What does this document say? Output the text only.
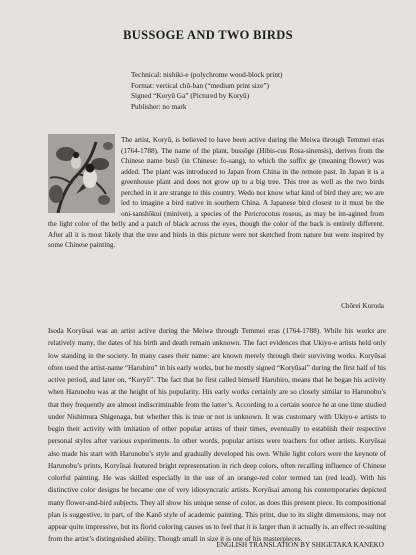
BUSSOGE AND TWO BIRDS
Technical: nishiki-e (polychrome wood-block print)
Format: vertical chû-ban (“medium print size”)
Signed “Koryû Ga” (Pictured by Koryû)
Publisher: no mark
The artist, Koryû, is believed to have been active during the Meiwa through Temmei eras (1764-1788). The name of the plant, bussôge (Hibis-cus Rosa-sinensis), derives from the Chinese name busô (in Chinese: fo-sang), to which the suffix ge (meaning flower) was added. The plant was introduced to Japan from China in the remote past. In Japan it is a greenhouse plant and does not grow up to a big tree. This tree as well as the two birds perched in it are strange to this country. Wedo not know what kind of bird they are; we are led to imagine a bird native in southern China. A Japanese bird closest to it must be the oni-sanshôkui (minivet), a species of the Pericrocotus roseus, as may be im-agined from the light color of the belly and a patch of black across the eyes, though the color of the back is entirely different. After all it is most likely that the tree and birds in this picture were not sketched from nature but were inspired by some Chinese painting.
Chôrei Kuroda

Isoda Koryûsai was an artist active during the Meiwa through Temmei eras (1764-1788). While his works are relatively many, the dates of his birth and death remain unknown. The fact evidences that Ukiyo-e artists held only low standing in the society. In many cases their name: are known merely through their surviving works. Koryûsai often used the artist-name “Haruhiro” in his early works, but he mostly signed “Koryûsai” during the first half of his active period, and later on, “Koryû”. The fact that he first called himself Haruhiro, means that he began his activity when Harunobu was at the height of his popularity. His early works certainly are so closely similar to Harunobu’s that they frequently are almost indiscriminable from the latter’s. According to a certain source he at one time studied under Nishimura Shigenaga, but whether this is true or not is unknown. It was customary with Ukiyo-e artists to begin their activity with imitation of other popular artists of their times, eventually to establish their respective personal styles after various experiments. In other words, popular artists were teachers for other artists. Koryûsai also made his start with Harunobu’s style and gradually developed his own. While light colors were the keynote of Harunobu’s prints, Koryûsai featured bright representation in rich deep colors, often recalling influence of Chinese colorful painting. He was skilled especially in the use of an orange-red color termed tan (red lead). With his distinctive color designs he became one of very idiosyncratic artists. Koryûsai among his contemporaries depicted many flower-and-bird subjects. They all show his unique sense of color, as does this present piece. Its compositional plan is suggestive, in part, of the Kanô style of academic painting. This print, due to its slight dimensions, may not appear quite impressive, but its florid coloring causes us to feel that it is larger than it actually is, an effect re-sulting from the artist’s distinguished ability. Though small in size it is one of his masterpieces.

ENGLISH TRANSLATION BY SHIGETAKA KANEKO
